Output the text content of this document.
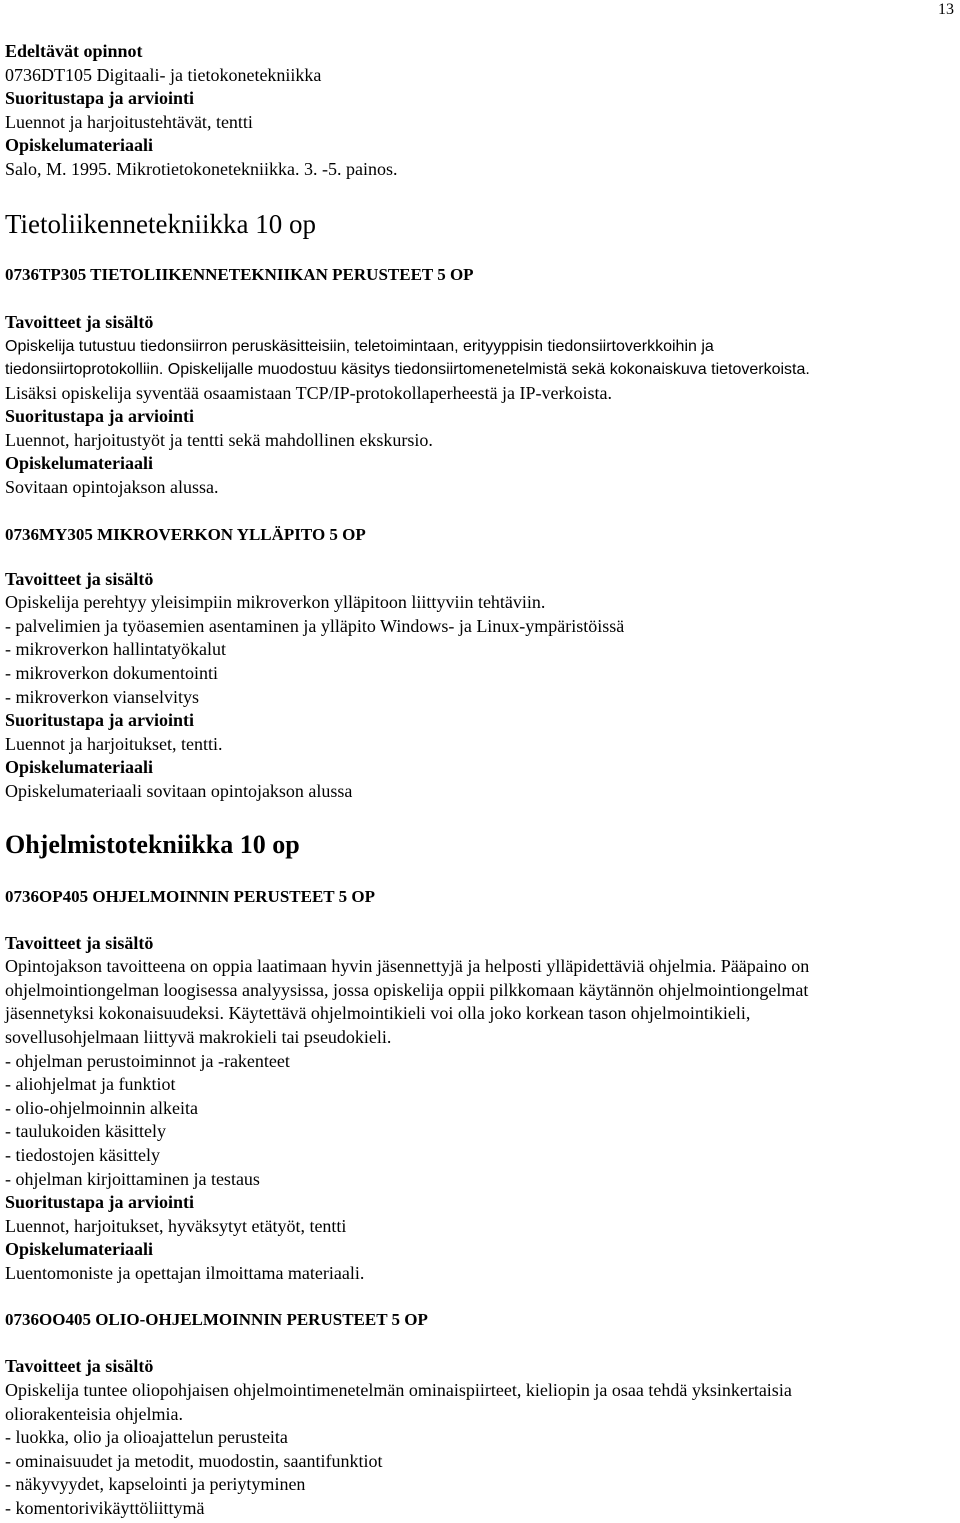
13
Edeltävät opinnot
0736DT105 Digitaali- ja tietokonetekniikka
Suoritustapa ja arviointi
Luennot ja harjoitustehtävät, tentti
Opiskelumateriaali
Salo, M. 1995. Mikrotietokonetekniikka. 3. -5. painos.
Tietoliikennetekniikka 10 op
0736TP305 TIETOLIIKENNETEKNIIKAN PERUSTEET 5 OP
Tavoitteet ja sisältö
Opiskelija tutustuu tiedonsiirron peruskäsitteisiin, teletoimintaan, erityyppisin tiedonsiirtoverkkoihin ja
tiedonsiirtoprotokolliin. Opiskelijalle muodostuu käsitys tiedonsiirtomenetelmistä sekä kokonaiskuva tietoverkoista.
Lisäksi opiskelija syventää osaamistaan TCP/IP-protokollaperheestä ja IP-verkoista.
Suoritustapa ja arviointi
Luennot, harjoitustyöt ja tentti sekä mahdollinen ekskursio.
Opiskelumateriaali
Sovitaan opintojakson alussa.
0736MY305 MIKROVERKON YLLÄPITO 5 OP
Tavoitteet ja sisältö
Opiskelija perehtyy yleisimpiin mikroverkon ylläpitoon liittyviin tehtäviin.
- palvelimien ja työasemien asentaminen ja ylläpito Windows- ja Linux-ympäristöissä
- mikroverkon hallintatyökalut
- mikroverkon dokumentointi
- mikroverkon vianselvitys
Suoritustapa ja arviointi
Luennot ja harjoitukset, tentti.
Opiskelumateriaali
Opiskelumateriaali sovitaan opintojakson alussa
Ohjelmistotekniikka 10 op
0736OP405 OHJELMOINNIN PERUSTEET 5 OP
Tavoitteet ja sisältö
Opintojakson tavoitteena on oppia laatimaan hyvin jäsennettyjä ja helposti ylläpidettäviä ohjelmia. Pääpaino on
ohjelmointiongelman loogisessa analyysissa, jossa opiskelija oppii pilkkomaan käytännön ohjelmointiongelmat
jäsennetyksi kokonaisuudeksi. Käytettävä ohjelmointikieli voi olla joko korkean tason ohjelmointikieli,
sovellusohjelmaan liittyvä makrokieli tai pseudokieli.
- ohjelman perustoiminnot ja -rakenteet
- aliohjelmat ja funktiot
- olio-ohjelmoinnin alkeita
- taulukoiden käsittely
- tiedostojen käsittely
- ohjelman kirjoittaminen ja testaus
Suoritustapa ja arviointi
Luennot, harjoitukset, hyväksytyt etätyöt, tentti
Opiskelumateriaali
Luentomoniste ja opettajan ilmoittama materiaali.
0736OO405 OLIO-OHJELMOINNIN PERUSTEET 5 OP
Tavoitteet ja sisältö
Opiskelija tuntee oliopohjaisen ohjelmointimenetelmän ominaispiirteet, kieliopin ja osaa tehdä yksinkertaisia
oliorakenteisia ohjelmia.
- luokka, olio ja olioajattelun perusteita
- ominaisuudet ja metodit, muodostin, saantifunktiot
- näkyvyydet, kapselointi ja periytyminen
- komentorivikäyttöliittymä
